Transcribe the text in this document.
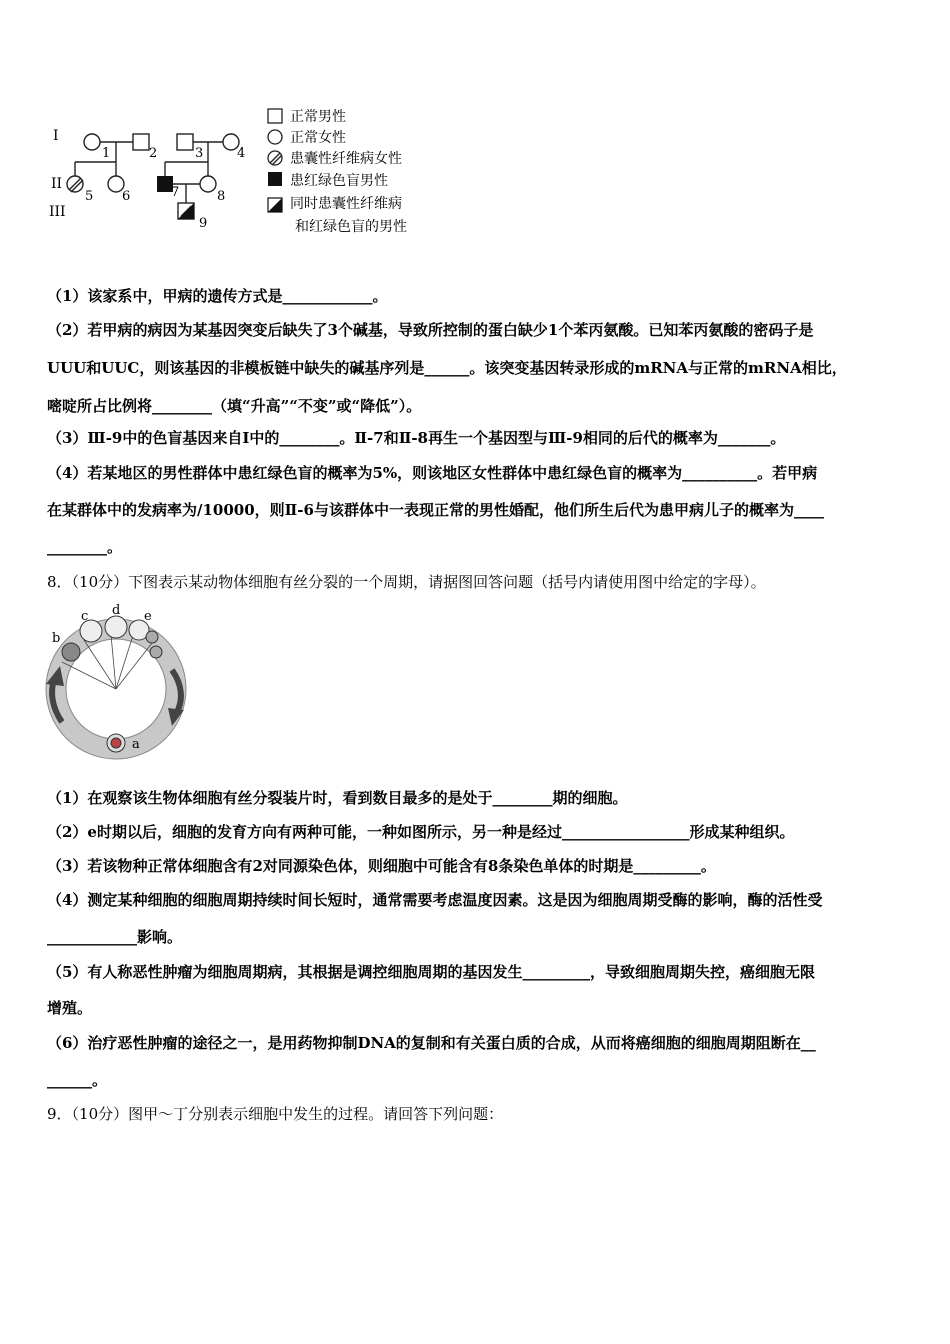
I
II
III
1	2	3	4
5 6	7	8
9
正常男性
正常女性
患囊性纤维病女性
患红绿色盲男性
同时患囊性纤维病
和红绿色盲的男性
（1）该家系中，甲病的遗传方式是____________。
（2）若甲病的病因为某基因突变后缺失了3个碱基，导致所控制的蛋白缺少1个苯丙氨酸。已知苯丙氨酸的密码子是
UUU和UUC，则该基因的非模板链中缺失的碱基序列是______。该突变基因转录形成的mRNA与正常的mRNA相比，
嘧啶所占比例将________（填“升高”“不变”或“降低”）。
（3）Ⅲ-9中的色盲基因来自Ⅰ中的________。Ⅱ-7和Ⅱ-8再生一个基因型与Ⅲ-9相同的后代的概率为_______。
（4）若某地区的男性群体中患红绿色盲的概率为5%，则该地区女性群体中患红绿色盲的概率为__________。若甲病
在某群体中的发病率为/10000，则Ⅱ-6与该群体中一表现正常的男性婚配，他们所生后代为患甲病儿子的概率为____
________。
8．（10分）下图表示某动物体细胞有丝分裂的一个周期，请据图回答问题（括号内请使用图中给定的字母）。
a
b
c d e
（1）在观察该生物体细胞有丝分裂装片时，看到数目最多的是处于________期的细胞。
（2）e时期以后，细胞的发育方向有两种可能，一种如图所示，另一种是经过_________________形成某种组织。
（3）若该物种正常体细胞含有2对同源染色体，则细胞中可能含有8条染色单体的时期是_________。
（4）测定某种细胞的细胞周期持续时间长短时，通常需要考虑温度因素。这是因为细胞周期受酶的影响，酶的活性受
____________影响。
（5）有人称恶性肿瘤为细胞周期病，其根据是调控细胞周期的基因发生_________，导致细胞周期失控，癌细胞无限
增殖。
（6）治疗恶性肿瘤的途径之一，是用药物抑制DNA的复制和有关蛋白质的合成，从而将癌细胞的细胞周期阻断在__
______。
9．（10分）图甲～丁分别表示细胞中发生的过程。请回答下列问题：
